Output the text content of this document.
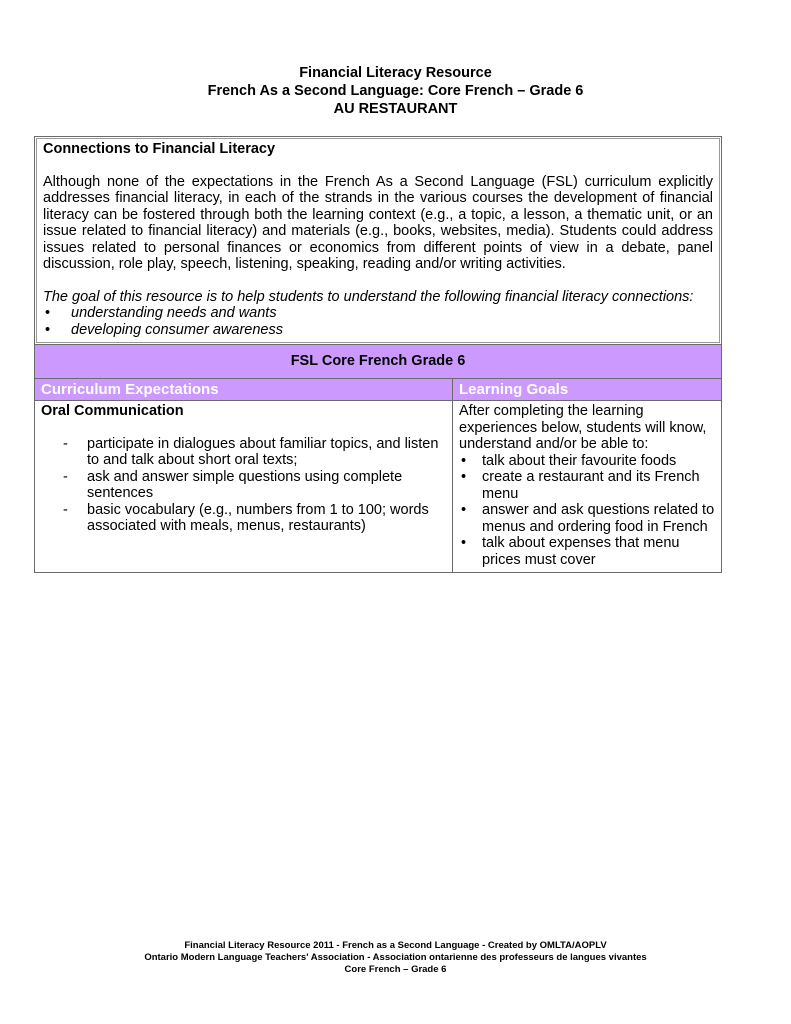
Financial Literacy Resource
French As a Second Language: Core French – Grade 6
AU RESTAURANT
Connections to Financial Literacy
Although none of the expectations in the French As a Second Language (FSL) curriculum explicitly addresses financial literacy, in each of the strands in the various courses the development of financial literacy can be fostered through both the learning context (e.g., a topic, a lesson, a thematic unit, or an issue related to financial literacy) and materials (e.g., books, websites, media). Students could address issues related to personal finances or economics from different points of view in a debate, panel discussion, role play, speech, listening, speaking, reading and/or writing activities.
The goal of this resource is to help students to understand the following financial literacy connections:
• understanding needs and wants
• developing consumer awareness
FSL Core French Grade 6
Curriculum Expectations	Learning Goals
Oral Communication
- participate in dialogues about familiar topics, and listen to and talk about short oral texts;
- ask and answer simple questions using complete sentences
- basic vocabulary (e.g., numbers from 1 to 100; words associated with meals, menus, restaurants)
After completing the learning experiences below, students will know, understand and/or be able to:
• talk about their favourite foods
• create a restaurant and its French menu
• answer and ask questions related to menus and ordering food in French
• talk about expenses that menu prices must cover
Financial Literacy Resource 2011 - French as a Second Language - Created by OMLTA/AOPLV
Ontario Modern Language Teachers' Association - Association ontarienne des professeurs de langues vivantes
Core French – Grade 6
